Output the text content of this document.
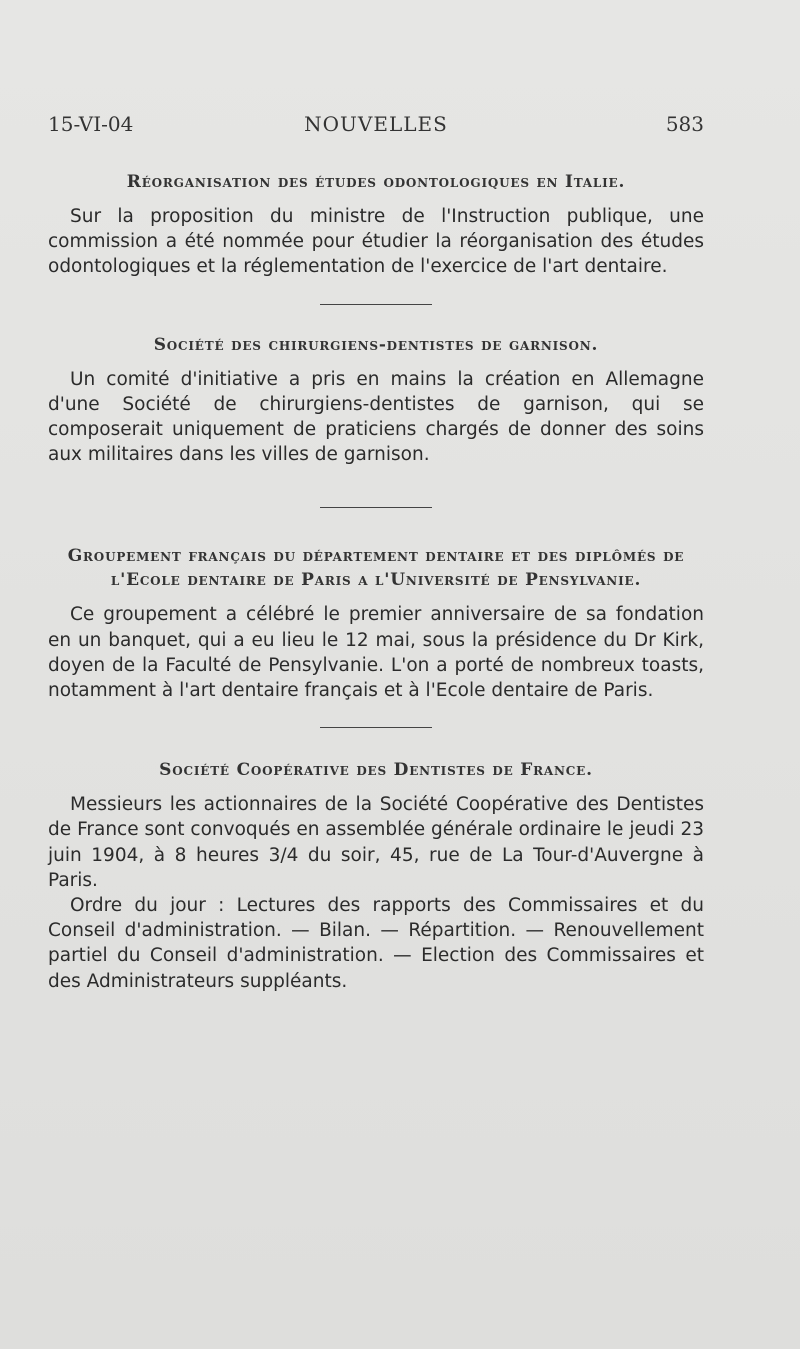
15-VI-04	NOUVELLES	583
Réorganisation des études odontologiques en Italie.

Sur la proposition du ministre de l'Instruction publique, une commission a été nommée pour étudier la réorganisation des études odontologiques et la réglementation de l'exercice de l'art dentaire.

Société des chirurgiens-dentistes de garnison.

Un comité d'initiative a pris en mains la création en Allemagne d'une Société de chirurgiens-dentistes de garnison, qui se composerait uniquement de praticiens chargés de donner des soins aux militaires dans les villes de garnison.

Groupement français du département dentaire et des diplômés de l'Ecole dentaire de Paris a l'Université de Pensylvanie.

Ce groupement a célébré le premier anniversaire de sa fondation en un banquet, qui a eu lieu le 12 mai, sous la présidence du Dr Kirk, doyen de la Faculté de Pensylvanie. L'on a porté de nombreux toasts, notamment à l'art dentaire français et à l'Ecole dentaire de Paris.

Société Coopérative des Dentistes de France.

Messieurs les actionnaires de la Société Coopérative des Dentistes de France sont convoqués en assemblée générale ordinaire le jeudi 23 juin 1904, à 8 heures 3/4 du soir, 45, rue de La Tour-d'Auvergne à Paris.

Ordre du jour : Lectures des rapports des Commissaires et du Conseil d'administration. — Bilan. — Répartition. — Renouvellement partiel du Conseil d'administration. — Election des Commissaires et des Administrateurs suppléants.
